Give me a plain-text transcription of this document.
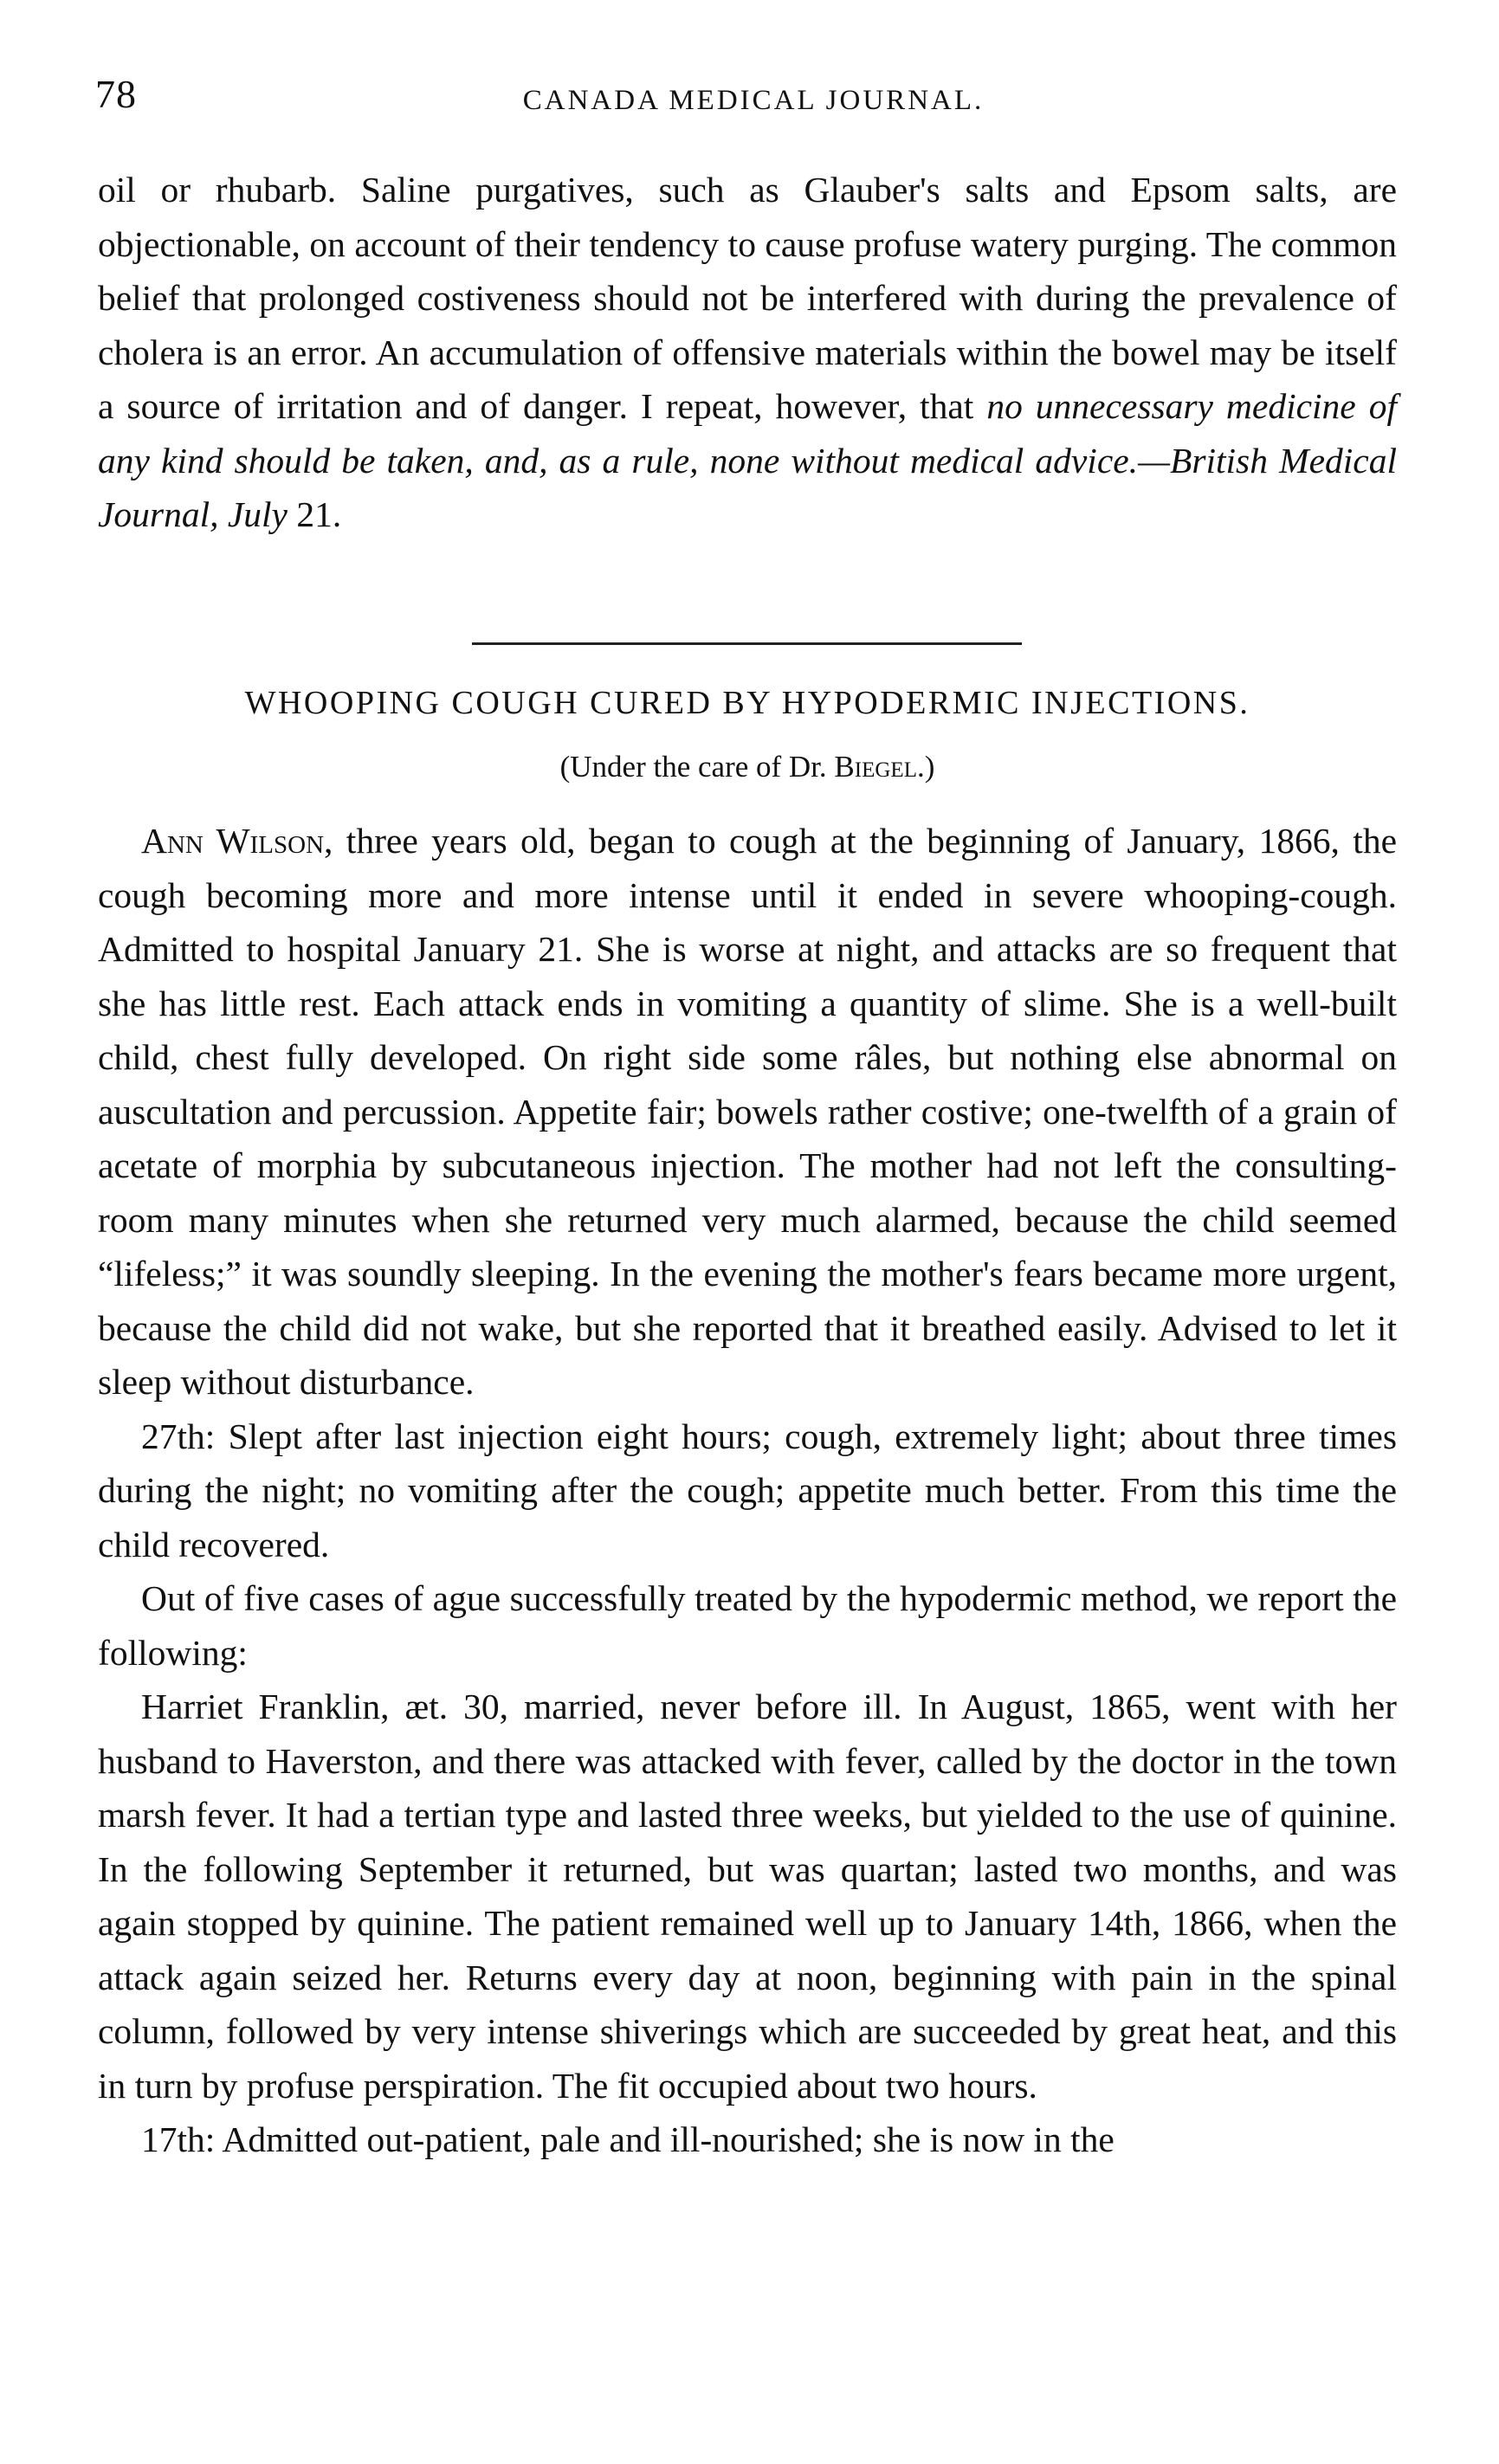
78	CANADA MEDICAL JOURNAL.

oil or rhubarb. Saline purgatives, such as Glauber's salts and Epsom salts, are objectionable, on account of their tendency to cause profuse watery purging. The common belief that prolonged costiveness should not be interfered with during the prevalence of cholera is an error. An accumulation of offensive materials within the bowel may be itself a source of irritation and of danger. I repeat, however, that no unnecessary medicine of any kind should be taken, and, as a rule, none without medical advice.—British Medical Journal, July 21.

WHOOPING COUGH CURED BY HYPODERMIC INJECTIONS.
(Under the care of Dr. Biegel.)

Ann Wilson, three years old, began to cough at the beginning of January, 1866, the cough becoming more and more intense until it ended in severe whooping-cough. Admitted to hospital January 21. She is worse at night, and attacks are so frequent that she has little rest. Each attack ends in vomiting a quantity of slime. She is a well-built child, chest fully developed. On right side some râles, but nothing else abnormal on auscultation and percussion. Appetite fair; bowels rather costive; one-twelfth of a grain of acetate of morphia by subcutaneous injection. The mother had not left the consulting-room many minutes when she returned very much alarmed, because the child seemed “lifeless;” it was soundly sleeping. In the evening the mother's fears became more urgent, because the child did not wake, but she reported that it breathed easily. Advised to let it sleep without disturbance.

27th: Slept after last injection eight hours; cough, extremely light; about three times during the night; no vomiting after the cough; appetite much better. From this time the child recovered.

Out of five cases of ague successfully treated by the hypodermic method, we report the following:

Harriet Franklin, æt. 30, married, never before ill. In August, 1865, went with her husband to Haverston, and there was attacked with fever, called by the doctor in the town marsh fever. It had a tertian type and lasted three weeks, but yielded to the use of quinine. In the following September it returned, but was quartan; lasted two months, and was again stopped by quinine. The patient remained well up to January 14th, 1866, when the attack again seized her. Returns every day at noon, beginning with pain in the spinal column, followed by very intense shiverings which are succeeded by great heat, and this in turn by profuse perspiration. The fit occupied about two hours.

17th: Admitted out-patient, pale and ill-nourished; she is now in the
